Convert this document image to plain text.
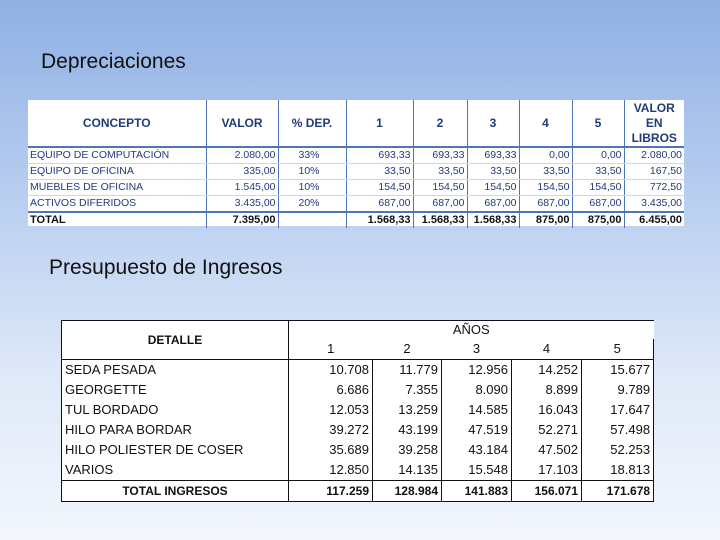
Depreciaciones
CONCEPTO	VALOR	% DEP.	1	2	3	4	5	VALOR EN
LIBROS
EQUIPO DE COMPUTACIÓN	2.080,00	33%	693,33	693,33	693,33	0,00	0,00	2.080,00
EQUIPO DE OFICINA	335,00	10%	33,50	33,50	33,50	33,50	33,50	167,50
MUEBLES DE OFICINA	1.545,00	10%	154,50	154,50	154,50	154,50	154,50	772,50
ACTIVOS DIFERIDOS	3.435,00	20%	687,00	687,00	687,00	687,00	687,00	3.435,00
TOTAL	7.395,00		1.568,33	1.568,33	1.568,33	875,00	875,00	6.455,00
Presupuesto de Ingresos
DETALLE	AÑOS				
	1	2	3	4	5
SEDA PESADA	10.708	11.779	12.956	14.252	15.677
GEORGETTE	6.686	7.355	8.090	8.899	9.789
TUL BORDADO	12.053	13.259	14.585	16.043	17.647
HILO PARA BORDAR	39.272	43.199	47.519	52.271	57.498
HILO POLIESTER DE COSER	35.689	39.258	43.184	47.502	52.253
VARIOS	12.850	14.135	15.548	17.103	18.813
TOTAL INGRESOS	117.259	128.984	141.883	156.071	171.678
